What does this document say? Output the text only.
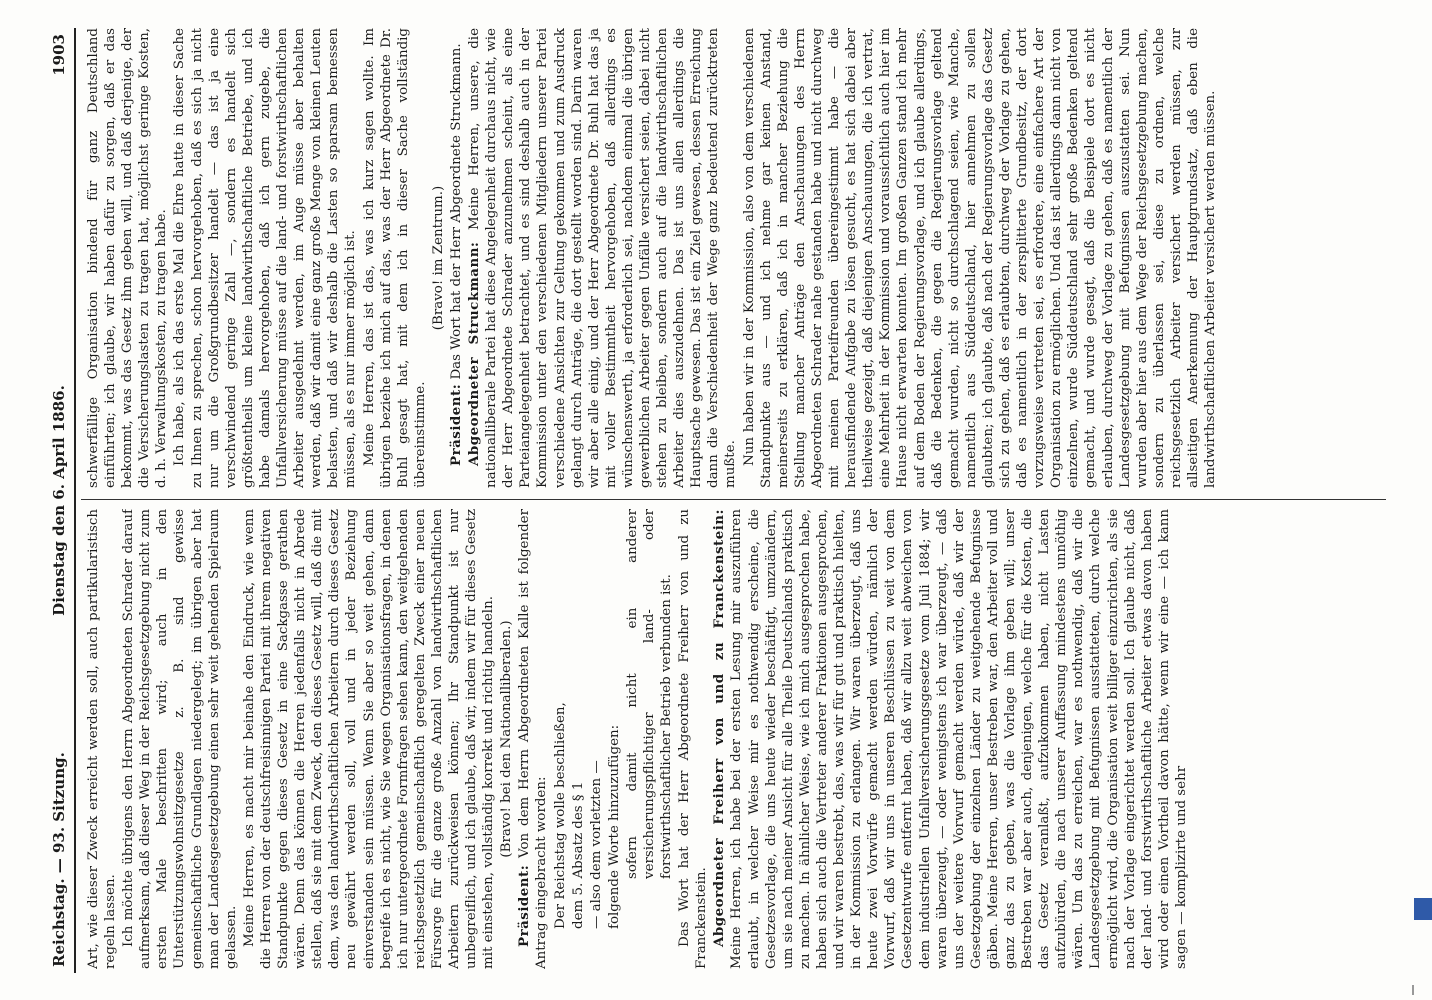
Reichstag. — 93. Sitzung.
Dienstag den 6. April 1886.
1903

Art, wie dieser Zweck erreicht werden soll, auch partikularistisch regeln lassen. Ich möchte übrigens den Herrn Abgeordneten Schrader darauf aufmerksam, daß dieser Weg in der Reichsgesetzgebung nicht zum ersten Male beschritten wird; auch in den Unterstützungswohnsitzgesetze z. B. sind gewisse gemeinschaftliche Grundlagen niedergelegt; im übrigen aber hat man der Landesgesetzgebung einen sehr weit gehenden Spielraum gelassen. Meine Herren, es macht mir beinahe den Eindruck, wie wenn die Herren von der deutschfreisinnigen Partei mit ihrem negativen Standpunkte gegen dieses Gesetz in eine Sackgasse gerathen wären. Denn das können die Herren jedenfalls nicht in Abrede stellen, daß sie mit dem Zweck, den dieses Gesetz will, daß die mit dem, was den landwirthschaftlichen Arbeitern durch dieses Gesetz neu gewährt werden soll, voll und in jeder Beziehung einverstanden sein müssen. Wenn Sie aber so weit gehen, dann begreife ich es nicht, wie Sie wegen Organisationsfragen, in denen ich nur untergeordnete Formfragen sehen kann, den weitgehenden reichsgesetzlich gemeinschaftlich geregelten Zweck einer neuen Fürsorge für die ganze große Anzahl von landwirthschaftlichen Arbeitern zurückweisen können; Ihr Standpunkt ist nur unbegreiflich, und ich glaube, daß wir, indem wir für dieses Gesetz mit einstehen, vollständig korrekt und richtig handeln. (Bravo! bei den Nationalliberalen.)

Präsident: Von dem Herrn Abgeordneten Kalle ist folgender Antrag eingebracht worden: Der Reichstag wolle beschließen, dem 5. Absatz des § 1 — also dem vorletzten — folgende Worte hinzuzufügen: sofern damit nicht ein anderer versicherungspflichtiger land- oder forstwirthschaftlicher Betrieb verbunden ist. Das Wort hat der Herr Abgeordnete Freiherr von und zu Franckenstein. Abgeordneter Freiherr von und zu Franckenstein: Meine Herren, ich habe bei der ersten Lesung mir auszuführen erlaubt, in welcher Weise mir es nothwendig erscheine, die Gesetzesvorlage, die uns heute wieder beschäftigt, umzuändern, um sie nach meiner Ansicht für alle Theile Deutschlands praktisch zu machen. In ähnlicher Weise, wie ich mich ausgesprochen habe, haben sich auch die Vertreter anderer Fraktionen ausgesprochen, und wir waren bestrebt, das, was wir für gut und praktisch hielten, in der Kommission zu erlangen. Wir waren überzeugt, daß uns heute zwei Vorwürfe gemacht werden würden, nämlich der Vorwurf, daß wir uns in unseren Beschlüssen zu weit von dem Gesetzentwurfe entfernt haben, daß wir allzu weit abweichen von dem industriellen Unfallversicherungsgesetze vom Juli 1884; wir waren überzeugt, — oder wenigstens ich war überzeugt, — daß uns der weitere Vorwurf gemacht werden würde, daß wir der Gesetzgebung der einzelnen Länder zu weitgehende Befugnisse gäben. Meine Herren, unser Bestreben war, den Arbeiter voll und ganz das zu geben, was die Vorlage ihm geben will; unser Bestreben war aber auch, denjenigen, welche für die Kosten, die das Gesetz veranlaßt, aufzukommen haben, nicht Lasten aufzubürden, die nach unserer Auffassung mindestens unnöthig wären. Um das zu erreichen, war es nothwendig, daß wir die Landesgesetzgebung mit Befugnissen ausstatteten, durch welche ermöglicht wird, die Organisation weit billiger einzurichten, als sie nach der Vorlage eingerichtet werden soll. Ich glaube nicht, daß der land- und forstwirthschaftliche Arbeiter etwas davon haben wird oder einen Vortheil davon hätte, wenn wir eine — ich kann sagen — komplizirte und sehr

schwerfällige Organisation bindend für ganz Deutschland einführten; ich glaube, wir haben dafür zu sorgen, daß er das bekommt, was das Gesetz ihm geben will, und daß derjenige, der die Versicherungslasten zu tragen hat, möglichst geringe Kosten, d. h. Verwaltungskosten, zu tragen habe. Ich habe, als ich das erste Mal die Ehre hatte in dieser Sache zu Ihnen zu sprechen, schon hervorgehoben, daß es sich ja nicht nur um die Großgrundbesitzer handelt — das ist ja eine verschwindend geringe Zahl —, sondern es handelt sich größtentheils um kleine landwirthschaftliche Betriebe, und ich habe damals hervorgehoben, daß ich gern zugebe, die Unfallversicherung müsse auf die land- und forstwirthschaftlichen Arbeiter ausgedehnt werden, im Auge müsse aber behalten werden, daß wir damit eine ganz große Menge von kleinen Leuten belasten, und daß wir deshalb die Lasten so sparsam bemessen müssen, als es nur immer möglich ist. Meine Herren, das ist das, was ich kurz sagen wollte. Im übrigen beziehe ich mich auf das, was der Herr Abgeordnete Dr. Buhl gesagt hat, mit dem ich in dieser Sache vollständig übereinstimme.

(Bravo! im Zentrum.)

Präsident: Das Wort hat der Herr Abgeordnete Struckmann. Abgeordneter Struckmann: Meine Herren, unsere, die nationalliberale Partei hat diese Angelegenheit durchaus nicht, wie der Herr Abgeordnete Schrader anzunehmen scheint, als eine Parteiangelegenheit betrachtet, und es sind deshalb auch in der Kommission unter den verschiedenen Mitgliedern unserer Partei verschiedene Ansichten zur Geltung gekommen und zum Ausdruck gelangt durch Anträge, die dort gestellt worden sind. Darin waren wir aber alle einig, und der Herr Abgeordnete Dr. Buhl hat das ja mit voller Bestimmtheit hervorgehoben, daß allerdings es wünschenswerth, ja erforderlich sei, nachdem einmal die übrigen gewerblichen Arbeiter gegen Unfälle versichert seien, dabei nicht stehen zu bleiben, sondern auch auf die landwirthschaftlichen Arbeiter dies auszudehnen. Das ist uns allen allerdings die Hauptsache gewesen. Das ist ein Ziel gewesen, dessen Erreichung dann die Verschiedenheit der Wege ganz bedeutend zurücktreten mußte. Nun haben wir in der Kommission, also von dem verschiedenen Standpunkte aus — und ich nehme gar keinen Anstand, meinerseits zu erklären, daß ich in mancher Beziehung die Stellung mancher Anträge den Anschauungen des Herrn Abgeordneten Schrader nahe gestanden habe und nicht durchweg mit meinen Parteifreunden übereingestimmt habe — die herausfindende Aufgabe zu lösen gesucht, es hat sich dabei aber theilweise gezeigt, daß diejenigen Anschauungen, die ich vertrat, eine Mehrheit in der Kommission und voraussichtlich auch hier im Hause nicht erwarten konnten. Im großen Ganzen stand ich mehr auf dem Boden der Regierungsvorlage, und ich glaube allerdings, daß die Bedenken, die gegen die Regierungsvorlage geltend gemacht wurden, nicht so durchschlagend seien, wie Manche, namentlich aus Süddeutschland, hier annehmen zu sollen glaubten; ich glaubte, daß nach der Regierungsvorlage das Gesetz sich zu gehen, daß es erlaubten, durchweg der Vorlage zu gehen, daß es namentlich in der zersplitterte Grundbesitz, der dort vorzugsweise vertreten sei, es erfordere, eine einfachere Art der Organisation zu ermöglichen. Und das ist allerdings dann nicht von einzelnen, wurde Süddeutschland sehr große Bedenken geltend gemacht, und wurde gesagt, daß die Beispiele dort es nicht erlauben, durchweg der Vorlage zu gehen, daß es namentlich der Landesgesetzgebung mit Befugnissen auszustatten sei. Nun wurden aber hier aus dem Wege der Reichsgesetzgebung machen, sondern zu überlassen sei, diese zu ordnen, welche reichsgesetzlich Arbeiter versichert werden müssen, zur allseitigen Anerkennung der Hauptgrundsatz, daß eben die landwirthschaftlichen Arbeiter versichert werden müssen.
